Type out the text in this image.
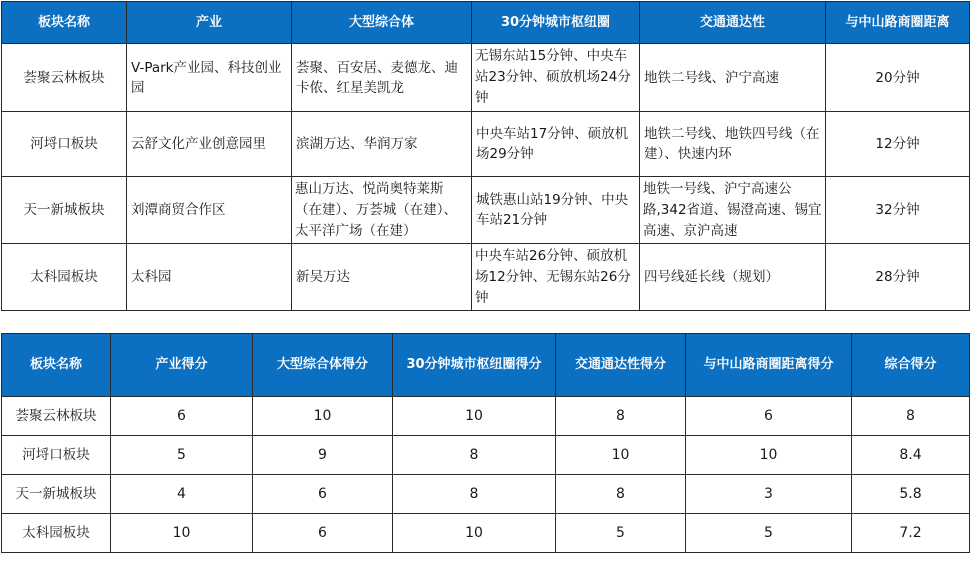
板块名称	产业	大型综合体	30分钟城市枢纽圈	交通通达性	与中山路商圈距离
荟聚云林板块	V-Park产业园、科技创业园	荟聚、百安居、麦德龙、迪卡侬、红星美凯龙	无锡东站15分钟、中央车站23分钟、硕放机场24分钟	地铁二号线、沪宁高速	20分钟
河埒口板块	云舒文化产业创意园里	滨湖万达、华润万家	中央车站17分钟、硕放机场29分钟	地铁二号线、地铁四号线（在建）、快速内环	12分钟
天一新城板块	刘潭商贸合作区	惠山万达、悦尚奥特莱斯（在建）、万荟城（在建）、太平洋广场（在建）	城铁惠山站19分钟、中央车站21分钟	地铁一号线、沪宁高速公路,342省道、锡澄高速、锡宜高速、京沪高速	32分钟
太科园板块	太科园	新吴万达	中央车站26分钟、硕放机场12分钟、无锡东站26分钟	四号线延长线（规划）	28分钟
板块名称	产业得分	大型综合体得分	30分钟城市枢纽圈得分	交通通达性得分	与中山路商圈距离得分	综合得分
荟聚云林板块	6	10	10	8	6	8
河埒口板块	5	9	8	10	10	8.4
天一新城板块	4	6	8	8	3	5.8
太科园板块	10	6	10	5	5	7.2
